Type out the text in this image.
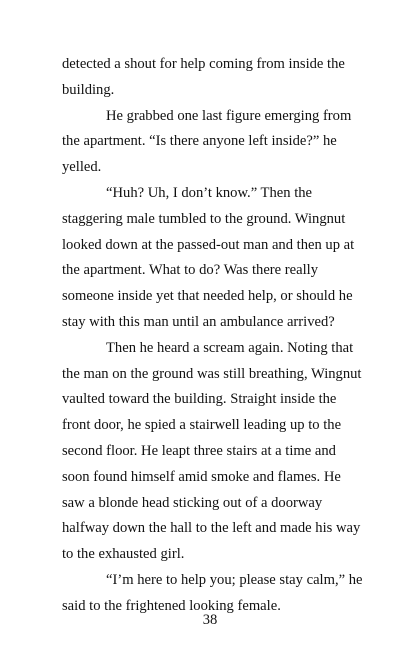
detected a shout for help coming from inside the
building.
He grabbed one last figure emerging from
the apartment. “Is there anyone left inside?” he
yelled.
“Huh? Uh, I don’t know.” Then the
staggering male tumbled to the ground. Wingnut
looked down at the passed-out man and then up at
the apartment. What to do? Was there really
someone inside yet that needed help, or should he
stay with this man until an ambulance arrived?
Then he heard a scream again. Noting that
the man on the ground was still breathing, Wingnut
vaulted toward the building. Straight inside the
front door, he spied a stairwell leading up to the
second floor. He leapt three stairs at a time and
soon found himself amid smoke and flames. He
saw a blonde head sticking out of a doorway
halfway down the hall to the left and made his way
to the exhausted girl.
“I’m here to help you; please stay calm,” he
said to the frightened looking female.
38
